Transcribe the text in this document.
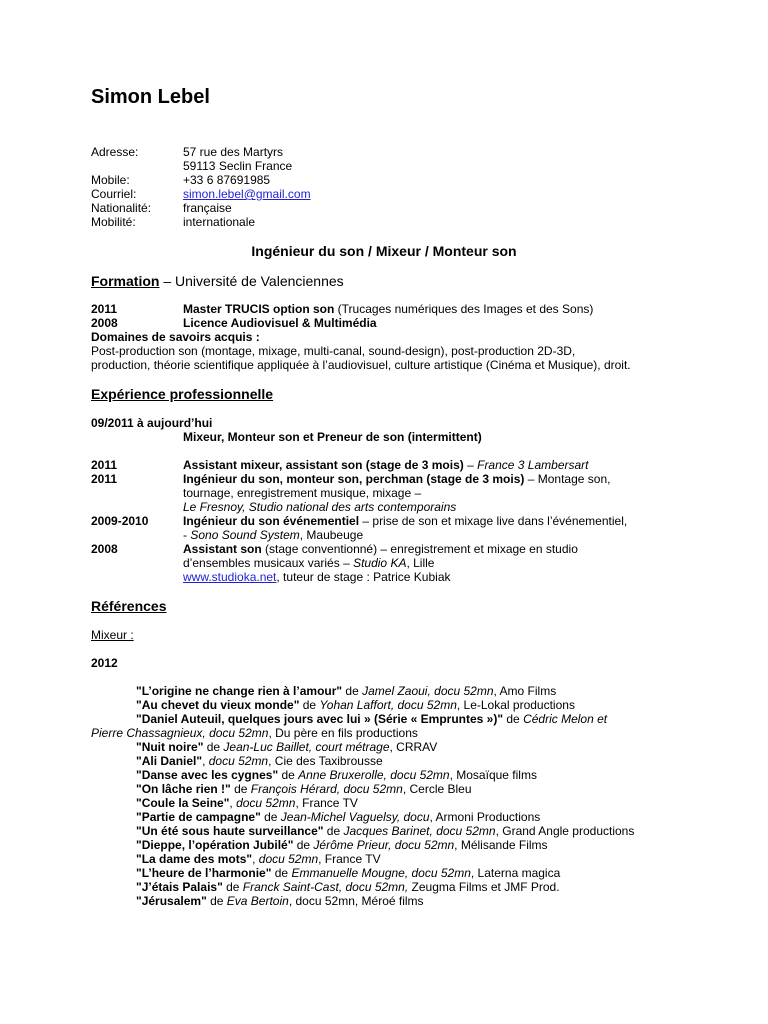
Simon Lebel
Adresse:	57 rue des Martyrs
59113 Seclin France
Mobile:	+33 6 87691985
Courriel:	simon.lebel@gmail.com
Nationalité:	française
Mobilité:	internationale
Ingénieur du son / Mixeur / Monteur son
Formation – Université de Valenciennes
2011	Master TRUCIS option son (Trucages numériques des Images et des Sons)
2008	Licence Audiovisuel & Multimédia
Domaines de savoirs acquis :
Post-production son (montage, mixage, multi-canal, sound-design), post-production 2D-3D,
production, théorie scientifique appliquée à l’audiovisuel, culture artistique (Cinéma et Musique), droit.
Expérience professionnelle
09/2011 à aujourd’hui
Mixeur, Monteur son et Preneur de son (intermittent)
2011	Assistant mixeur, assistant son (stage de 3 mois) – France 3 Lambersart
2011	Ingénieur du son, monteur son, perchman (stage de 3 mois) – Montage son,
tournage, enregistrement musique, mixage –
Le Fresnoy, Studio national des arts contemporains
2009-2010	Ingénieur du son événementiel – prise de son et mixage live dans l’événementiel,
- Sono Sound System, Maubeuge
2008	Assistant son (stage conventionné) – enregistrement et mixage en studio
d’ensembles musicaux variés – Studio KA, Lille
www.studioka.net, tuteur de stage : Patrice Kubiak
Références
Mixeur :
2012
"L’origine ne change rien à l’amour" de Jamel Zaoui, docu 52mn, Amo Films
"Au chevet du vieux monde" de Yohan Laffort, docu 52mn, Le-Lokal productions
"Daniel Auteuil, quelques jours avec lui » (Série « Empruntes »)" de Cédric Melon et
Pierre Chassagnieux, docu 52mn, Du père en fils productions
"Nuit noire" de Jean-Luc Baillet, court métrage, CRRAV
"Ali Daniel", docu 52mn, Cie des Taxibrousse
"Danse avec les cygnes" de Anne Bruxerolle, docu 52mn, Mosaïque films
"On lâche rien !" de François Hérard, docu 52mn, Cercle Bleu
"Coule la Seine", docu 52mn, France TV
"Partie de campagne" de Jean-Michel Vaguelsy, docu, Armoni Productions
"Un été sous haute surveillance" de Jacques Barinet, docu 52mn, Grand Angle productions
"Dieppe, l’opération Jubilé" de Jérôme Prieur, docu 52mn, Mélisande Films
"La dame des mots", docu 52mn, France TV
"L’heure de l’harmonie" de Emmanuelle Mougne, docu 52mn, Laterna magica
"J’étais Palais" de Franck Saint-Cast, docu 52mn, Zeugma Films et JMF Prod.
"Jérusalem" de Eva Bertoin, docu 52mn, Méroé films
